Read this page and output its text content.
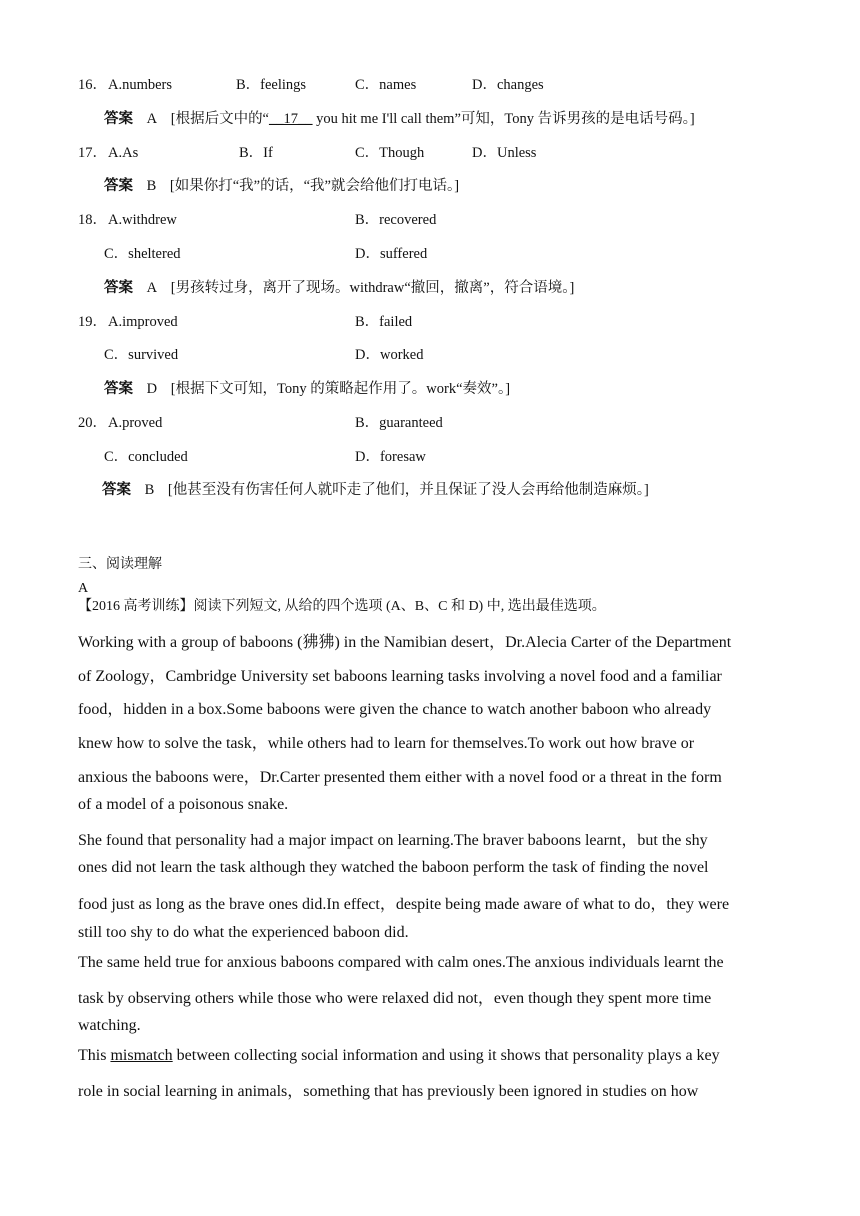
16． A.numbers	B．feelings	C．names	D．changes
答案 A [根据后文中的“__17__ you hit me I'll call them”可知，Tony 告诉男孩的是电话号码。]
17． A.As	B．If	C．Though	D．Unless
答案 B [如果你打“我”的话，“我”就会给他们打电话。]
18． A.withdrew	B．recovered
C．sheltered	D．suffered
答案 A [男孩转过身，离开了现场。withdraw“撤回，撤离”，符合语境。]
19． A.improved	B．failed
C．survived	D．worked
答案 D [根据下文可知，Tony 的策略起作用了。work“奏效”。]
20． A.proved	B．guaranteed
C．concluded	D．foresaw
答案 B [他甚至没有伤害任何人就吓走了他们，并且保证了没人会再给他制造麻烦。]
三、阅读理解
A
【2016 高考训练】阅读下列短文, 从给的四个选项 (A、B、C 和 D) 中, 选出最佳选项。
Working with a group of baboons (狒狒) in the Namibian desert，Dr.Alecia Carter of the Department
of Zoology，Cambridge University set baboons learning tasks involving a novel food and a familiar
food，hidden in a box.Some baboons were given the chance to watch another baboon who already
knew how to solve the task，while others had to learn for themselves.To work out how brave or
anxious the baboons were，Dr.Carter presented them either with a novel food or a threat in the form
of a model of a poisonous snake.
She found that personality had a major impact on learning.The braver baboons learnt，but the shy
ones did not learn the task although they watched the baboon perform the task of finding the novel
food just as long as the brave ones did.In effect，despite being made aware of what to do，they were
still too shy to do what the experienced baboon did.
The same held true for anxious baboons compared with calm ones.The anxious individuals learnt the
task by observing others while those who were relaxed did not，even though they spent more time
watching.
This mismatch between collecting social information and using it shows that personality plays a key
role in social learning in animals，something that has previously been ignored in studies on how
